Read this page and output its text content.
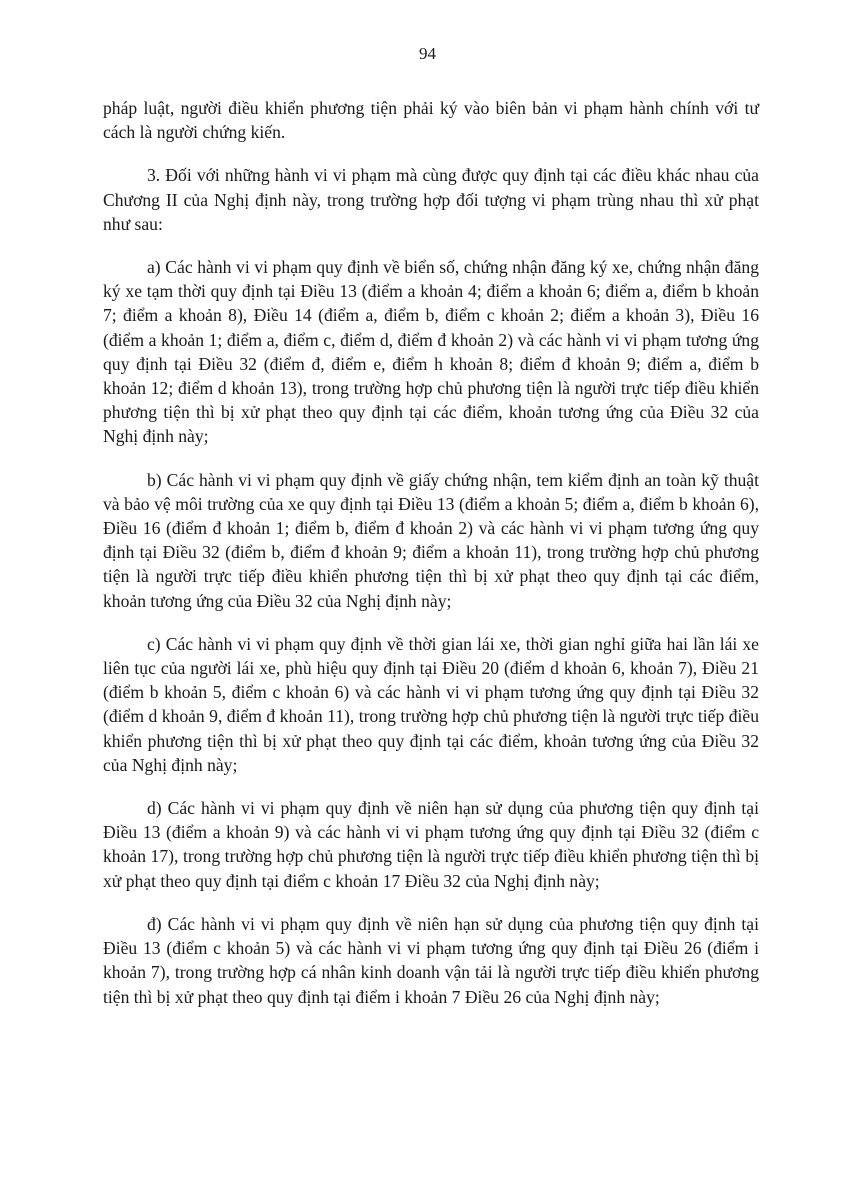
94

pháp luật, người điều khiển phương tiện phải ký vào biên bản vi phạm hành chính với tư cách là người chứng kiến.

3. Đối với những hành vi vi phạm mà cùng được quy định tại các điều khác nhau của Chương II của Nghị định này, trong trường hợp đối tượng vi phạm trùng nhau thì xử phạt như sau:

a) Các hành vi vi phạm quy định về biển số, chứng nhận đăng ký xe, chứng nhận đăng ký xe tạm thời quy định tại Điều 13 (điểm a khoản 4; điểm a khoản 6; điểm a, điểm b khoản 7; điểm a khoản 8), Điều 14 (điểm a, điểm b, điểm c khoản 2; điểm a khoản 3), Điều 16 (điểm a khoản 1; điểm a, điểm c, điểm d, điểm đ khoản 2) và các hành vi vi phạm tương ứng quy định tại Điều 32 (điểm đ, điểm e, điểm h khoản 8; điểm đ khoản 9; điểm a, điểm b khoản 12; điểm d khoản 13), trong trường hợp chủ phương tiện là người trực tiếp điều khiển phương tiện thì bị xử phạt theo quy định tại các điểm, khoản tương ứng của Điều 32 của Nghị định này;

b) Các hành vi vi phạm quy định về giấy chứng nhận, tem kiểm định an toàn kỹ thuật và bảo vệ môi trường của xe quy định tại Điều 13 (điểm a khoản 5; điểm a, điểm b khoản 6), Điều 16 (điểm đ khoản 1; điểm b, điểm đ khoản 2) và các hành vi vi phạm tương ứng quy định tại Điều 32 (điểm b, điểm đ khoản 9; điểm a khoản 11), trong trường hợp chủ phương tiện là người trực tiếp điều khiển phương tiện thì bị xử phạt theo quy định tại các điểm, khoản tương ứng của Điều 32 của Nghị định này;

c) Các hành vi vi phạm quy định về thời gian lái xe, thời gian nghỉ giữa hai lần lái xe liên tục của người lái xe, phù hiệu quy định tại Điều 20 (điểm d khoản 6, khoản 7), Điều 21 (điểm b khoản 5, điểm c khoản 6) và các hành vi vi phạm tương ứng quy định tại Điều 32 (điểm d khoản 9, điểm đ khoản 11), trong trường hợp chủ phương tiện là người trực tiếp điều khiển phương tiện thì bị xử phạt theo quy định tại các điểm, khoản tương ứng của Điều 32 của Nghị định này;

d) Các hành vi vi phạm quy định về niên hạn sử dụng của phương tiện quy định tại Điều 13 (điểm a khoản 9) và các hành vi vi phạm tương ứng quy định tại Điều 32 (điểm c khoản 17), trong trường hợp chủ phương tiện là người trực tiếp điều khiển phương tiện thì bị xử phạt theo quy định tại điểm c khoản 17 Điều 32 của Nghị định này;

đ) Các hành vi vi phạm quy định về niên hạn sử dụng của phương tiện quy định tại Điều 13 (điểm c khoản 5) và các hành vi vi phạm tương ứng quy định tại Điều 26 (điểm i khoản 7), trong trường hợp cá nhân kinh doanh vận tải là người trực tiếp điều khiển phương tiện thì bị xử phạt theo quy định tại điểm i khoản 7 Điều 26 của Nghị định này;
